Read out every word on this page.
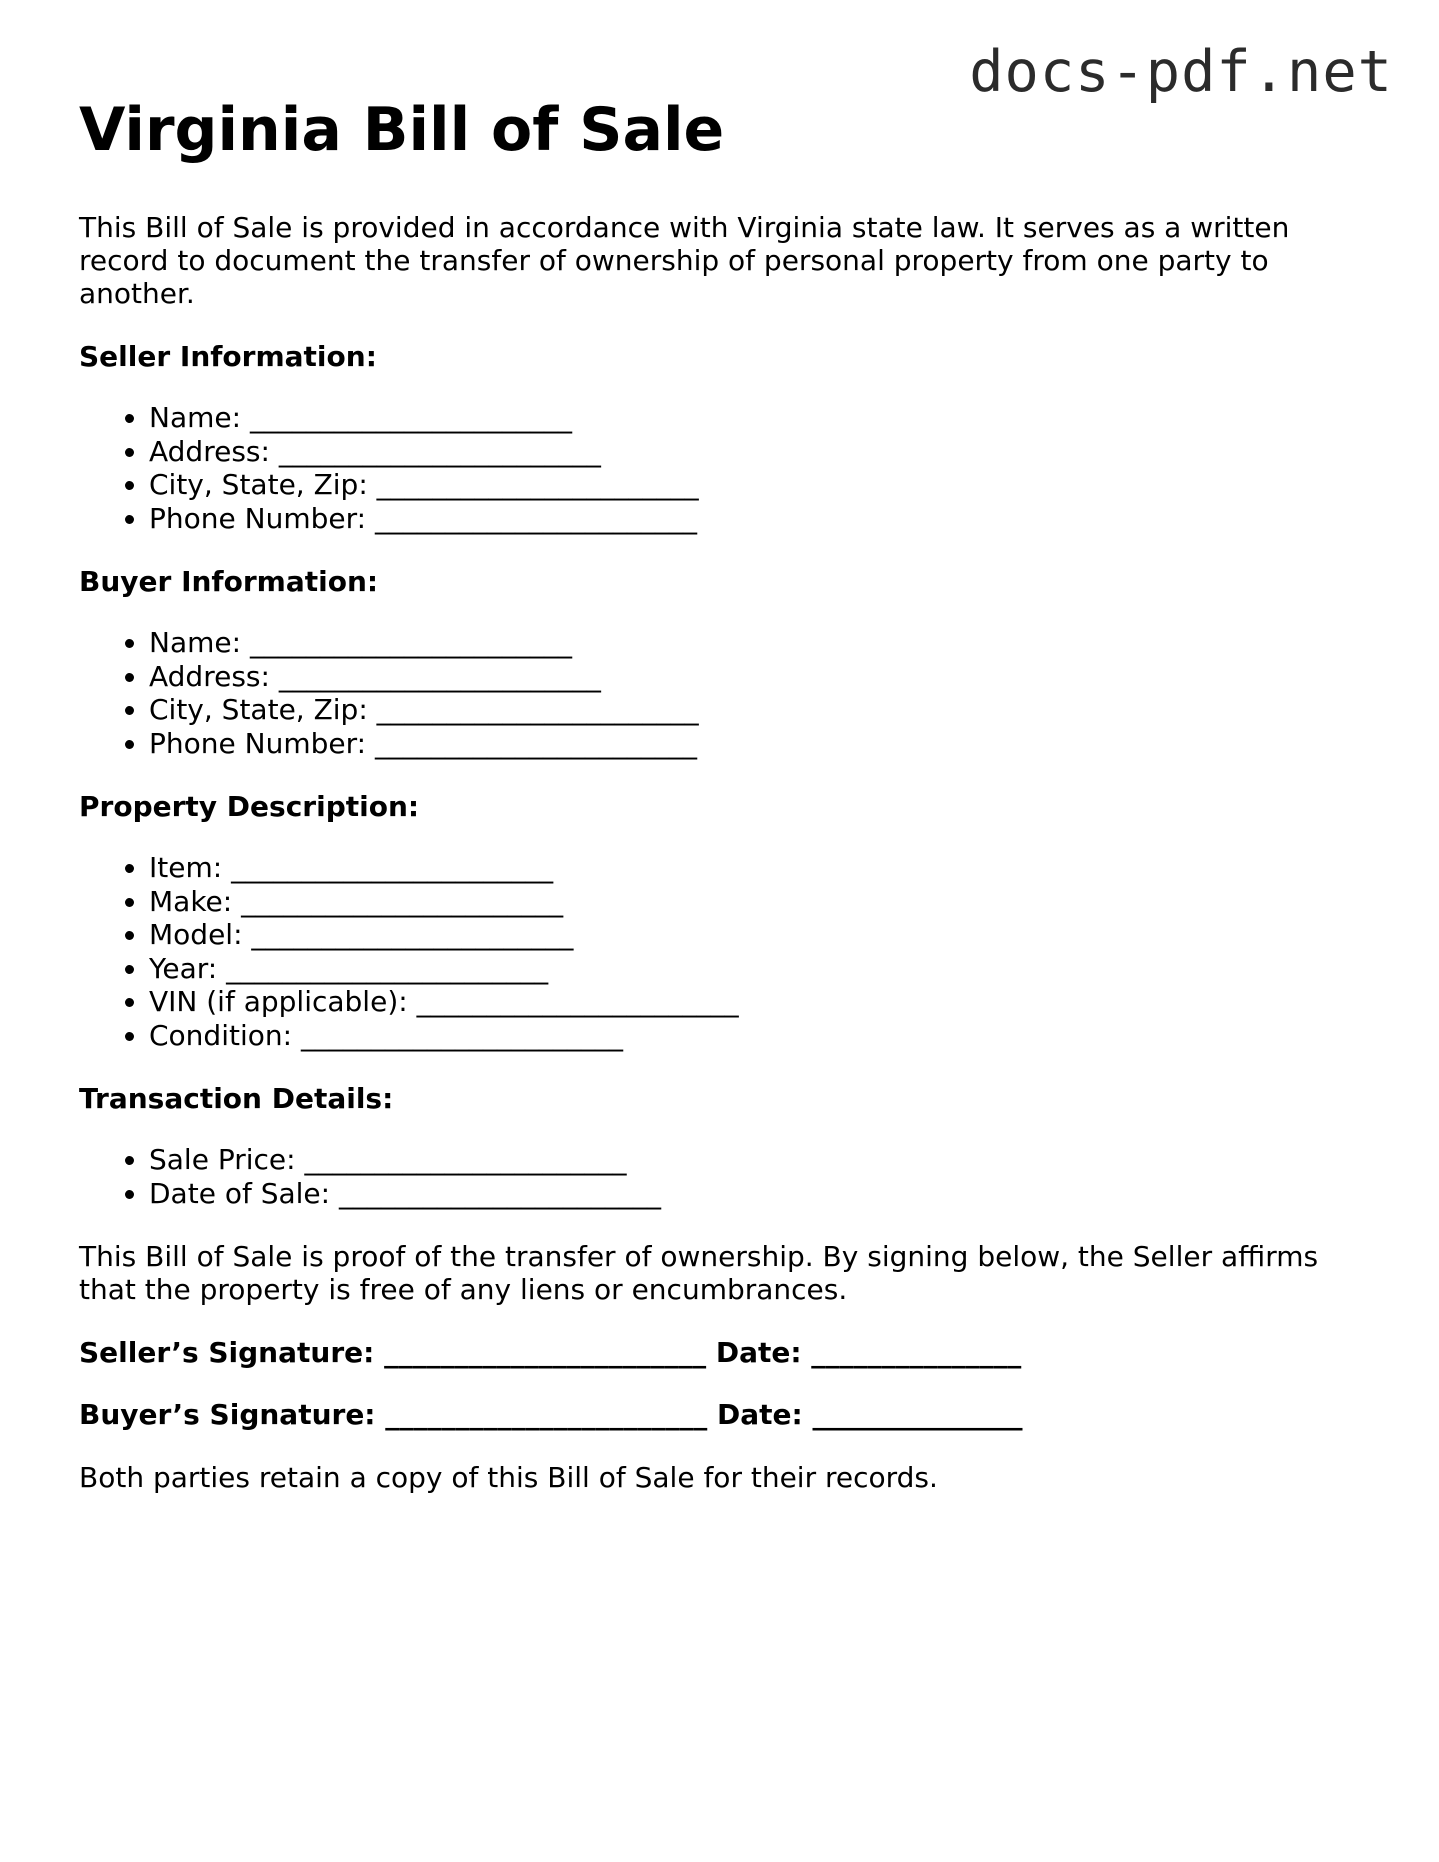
docs-pdf.net
Virginia Bill of Sale

This Bill of Sale is provided in accordance with Virginia state law. It serves as a written record to document the transfer of ownership of personal property from one party to another.

Seller Information:
• Name: _______________________
• Address: _______________________
• City, State, Zip: _______________________
• Phone Number: _______________________
Buyer Information:
• Name: _______________________
• Address: _______________________
• City, State, Zip: _______________________
• Phone Number: _______________________
Property Description:
• Item: _______________________
• Make: _______________________
• Model: _______________________
• Year: _______________________
• VIN (if applicable): _______________________
• Condition: _______________________
Transaction Details:
• Sale Price: _______________________
• Date of Sale: _______________________

This Bill of Sale is proof of the transfer of ownership. By signing below, the Seller affirms that the property is free of any liens or encumbrances.

Seller’s Signature: _______________________ Date: _______________
Buyer’s Signature: _______________________ Date: _______________

Both parties retain a copy of this Bill of Sale for their records.
